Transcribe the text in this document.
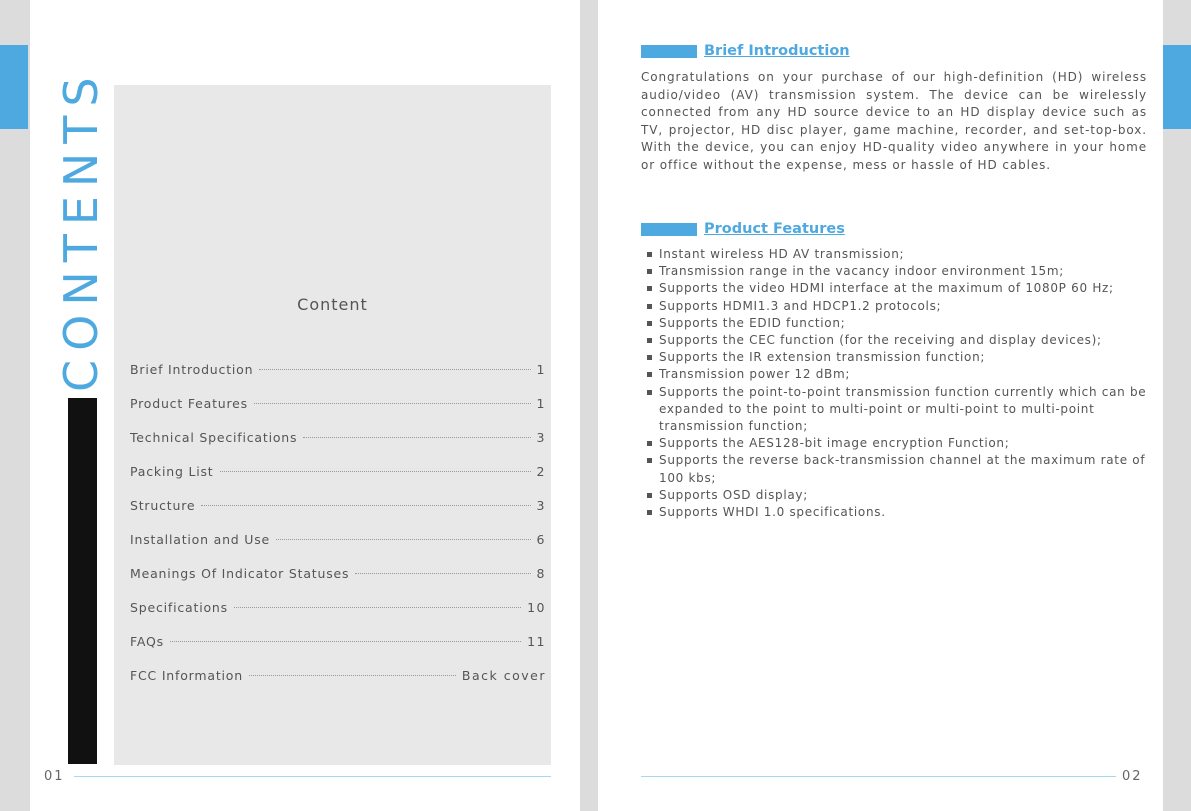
CONTENTS	Content
Brief Introduction	1
Product Features	1
Technical Specifications	3
Packing List	2
Structure	3
Installation and Use	6
Meanings Of Indicator Statuses	8
Specifications	10
FAQs	11
FCC Information	Back cover
01	02
Brief Introduction

Congratulations on your purchase of our high-definition (HD) wireless audio/video (AV) transmission system. The device can be wirelessly connected from any HD source device to an HD display device such as TV, projector, HD disc player, game machine, recorder, and set-top-box. With the device, you can enjoy HD-quality video anywhere in your home or office without the expense, mess or hassle of HD cables.

Product Features
Instant wireless HD AV transmission;
Transmission range in the vacancy indoor environment 15m;
Supports the video HDMI interface at the maximum of 1080P 60 Hz;
Supports HDMI1.3 and HDCP1.2 protocols;
Supports the EDID function;
Supports the CEC function (for the receiving and display devices);
Supports the IR extension transmission function;
Transmission power 12 dBm;
Supports the point-to-point transmission function currently which can be expanded to the point to multi-point or multi-point to multi-point transmission function;
Supports the AES128-bit image encryption Function;
Supports the reverse back-transmission channel at the maximum rate of 100 kbs;
Supports OSD display;
Supports WHDI 1.0 specifications.
